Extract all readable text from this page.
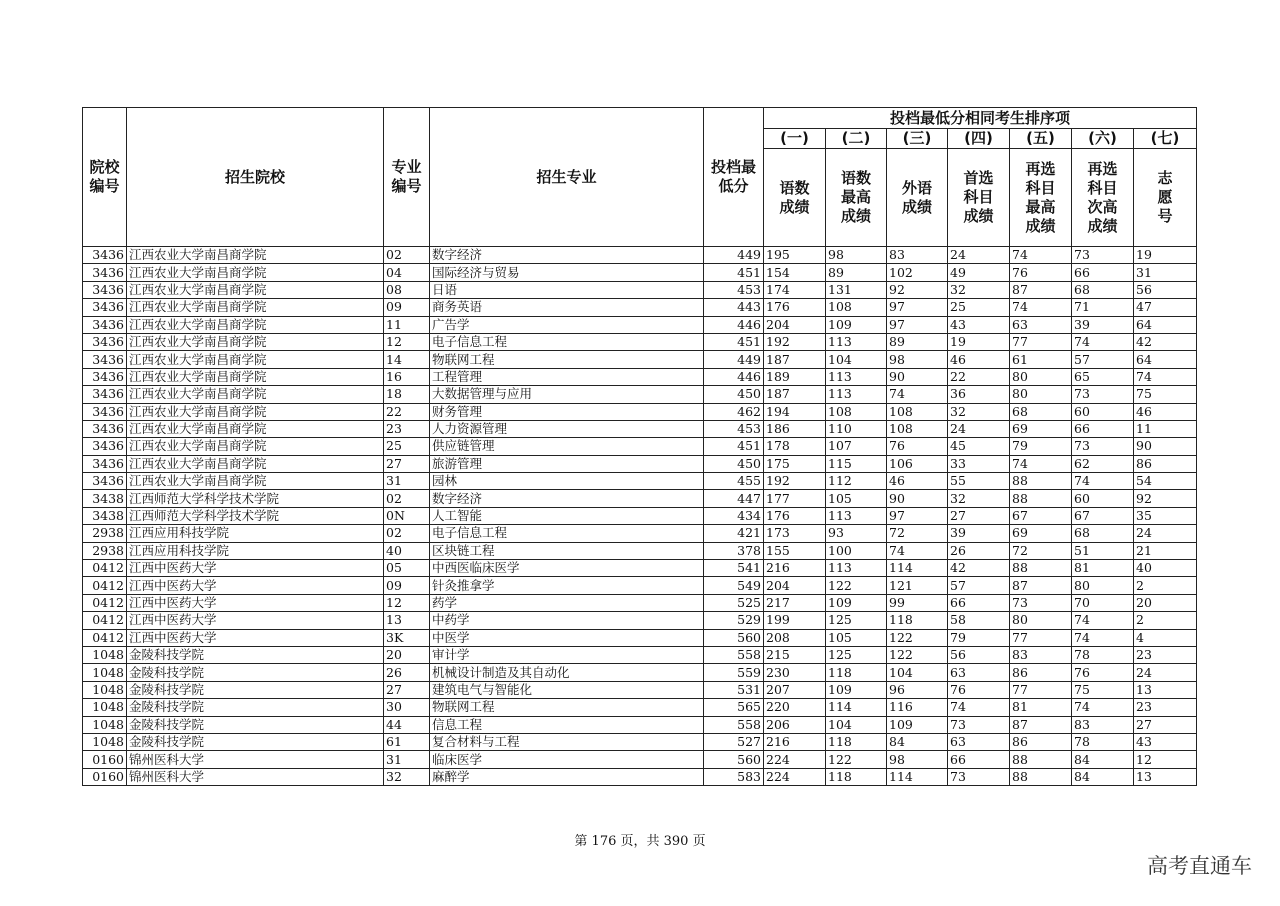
院校编号	招生院校	专业编号	招生专业	投档最低分	投档最低分相同考生排序项						
					(一)	(二)	(三)	(四)	(五)	(六)	(七)
					语数成绩	语数最高成绩	外语成绩	首选科目成绩	再选科目最高成绩	再选科目次高成绩	志愿号
3436	江西农业大学南昌商学院	02	数字经济	449	195	98	83	24	74	73	19
3436	江西农业大学南昌商学院	04	国际经济与贸易	451	154	89	102	49	76	66	31
3436	江西农业大学南昌商学院	08	日语	453	174	131	92	32	87	68	56
3436	江西农业大学南昌商学院	09	商务英语	443	176	108	97	25	74	71	47
3436	江西农业大学南昌商学院	11	广告学	446	204	109	97	43	63	39	64
3436	江西农业大学南昌商学院	12	电子信息工程	451	192	113	89	19	77	74	42
3436	江西农业大学南昌商学院	14	物联网工程	449	187	104	98	46	61	57	64
3436	江西农业大学南昌商学院	16	工程管理	446	189	113	90	22	80	65	74
3436	江西农业大学南昌商学院	18	大数据管理与应用	450	187	113	74	36	80	73	75
3436	江西农业大学南昌商学院	22	财务管理	462	194	108	108	32	68	60	46
3436	江西农业大学南昌商学院	23	人力资源管理	453	186	110	108	24	69	66	11
3436	江西农业大学南昌商学院	25	供应链管理	451	178	107	76	45	79	73	90
3436	江西农业大学南昌商学院	27	旅游管理	450	175	115	106	33	74	62	86
3436	江西农业大学南昌商学院	31	园林	455	192	112	46	55	88	74	54
3438	江西师范大学科学技术学院	02	数字经济	447	177	105	90	32	88	60	92
3438	江西师范大学科学技术学院	0N	人工智能	434	176	113	97	27	67	67	35
2938	江西应用科技学院	02	电子信息工程	421	173	93	72	39	69	68	24
2938	江西应用科技学院	40	区块链工程	378	155	100	74	26	72	51	21
0412	江西中医药大学	05	中西医临床医学	541	216	113	114	42	88	81	40
0412	江西中医药大学	09	针灸推拿学	549	204	122	121	57	87	80	2
0412	江西中医药大学	12	药学	525	217	109	99	66	73	70	20
0412	江西中医药大学	13	中药学	529	199	125	118	58	80	74	2
0412	江西中医药大学	3K	中医学	560	208	105	122	79	77	74	4
1048	金陵科技学院	20	审计学	558	215	125	122	56	83	78	23
1048	金陵科技学院	26	机械设计制造及其自动化	559	230	118	104	63	86	76	24
1048	金陵科技学院	27	建筑电气与智能化	531	207	109	96	76	77	75	13
1048	金陵科技学院	30	物联网工程	565	220	114	116	74	81	74	23
1048	金陵科技学院	44	信息工程	558	206	104	109	73	87	83	27
1048	金陵科技学院	61	复合材料与工程	527	216	118	84	63	86	78	43
0160	锦州医科大学	31	临床医学	560	224	122	98	66	88	84	12
0160	锦州医科大学	32	麻醉学	583	224	118	114	73	88	84	13
第 176 页，共 390 页
高考直通车
